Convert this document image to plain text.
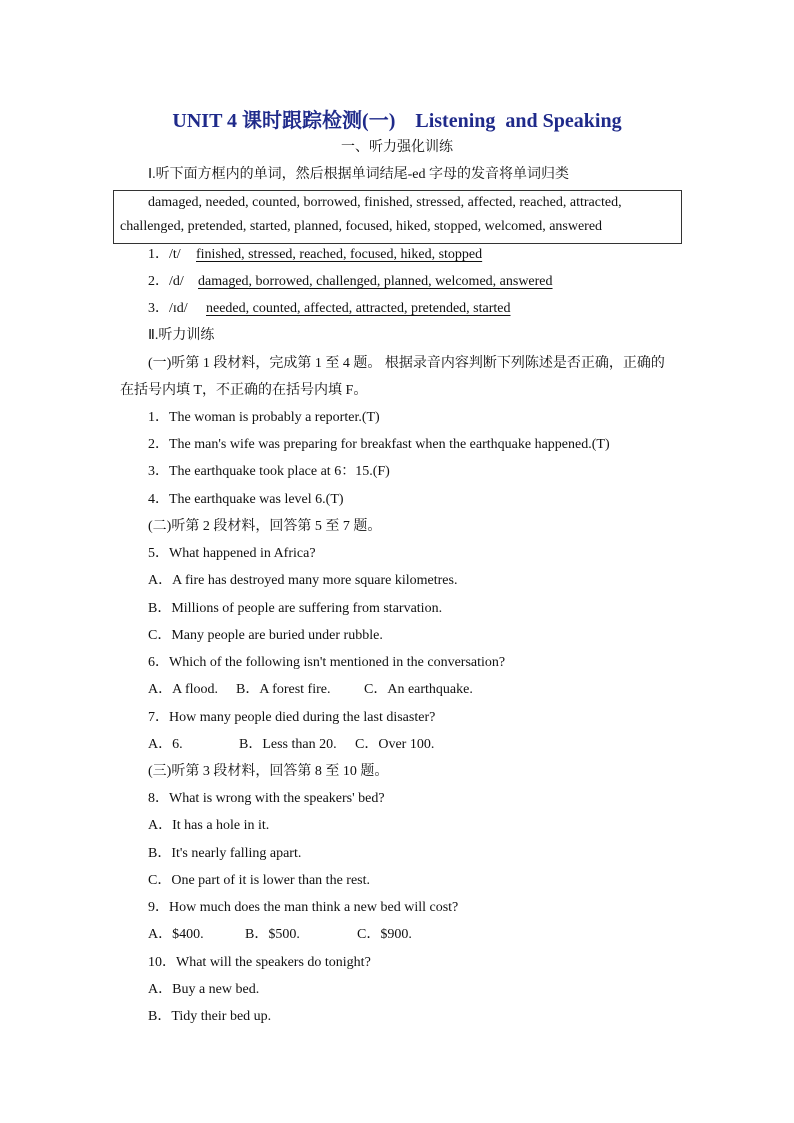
UNIT 4 课时跟踪检测(一)    Listening  and Speaking
一、听力强化训练
Ⅰ.听下面方框内的单词，然后根据单词结尾-ed 字母的发音将单词归类
damaged, needed, counted, borrowed, finished, stressed, affected, reached, attracted,
challenged, pretended, started, planned, focused, hiked, stopped, welcomed, answered
1．/t/ finished, stressed, reached, focused, hiked, stopped
2．/d/ damaged, borrowed, challenged, planned, welcomed, answered
3．/ɪd/ needed, counted, affected, attracted, pretended, started
Ⅱ.听力训练
(一)听第 1 段材料，完成第 1 至 4 题。 根据录音内容判断下列陈述是否正确，正确的
在括号内填 T，不正确的在括号内填 F。
1．The woman is probably a reporter.(T)
2．The man's wife was preparing for breakfast when the earthquake happened.(T)
3．The earthquake took place at 6：15.(F)
4．The earthquake was level 6.(T)
(二)听第 2 段材料，回答第 5 至 7 题。
5．What happened in Africa?
A．A fire has destroyed many more square kilometres.
B．Millions of people are suffering from starvation.
C．Many people are buried under rubble.
6．Which of the following isn't mentioned in the conversation?
A．A flood. B．A forest fire. C．An earthquake.
7．How many people died during the last disaster?
A．6.	B．Less than 20. C．Over 100.
(三)听第 3 段材料，回答第 8 至 10 题。
8．What is wrong with the speakers' bed?
A．It has a hole in it.
B．It's nearly falling apart.
C．One part of it is lower than the rest.
9．How much does the man think a new bed will cost?
A．$400.	B．$500.	C．$900.
10．What will the speakers do tonight?
A．Buy a new bed.
B．Tidy their bed up.
